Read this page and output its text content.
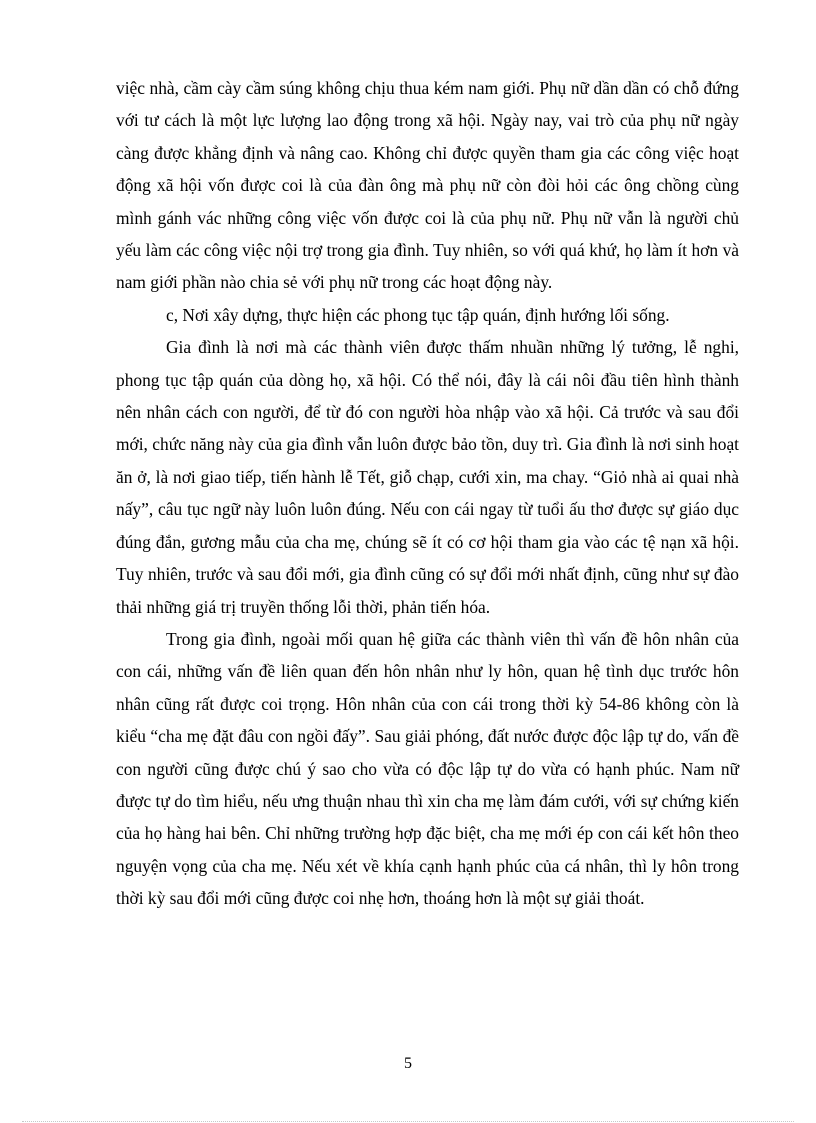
việc nhà, cầm cày cầm súng không chịu thua kém nam giới. Phụ nữ dần dần có chỗ đứng với tư cách là một lực lượng lao động trong xã hội. Ngày nay, vai trò của phụ nữ ngày càng được khẳng định và nâng cao. Không chỉ được quyền tham gia các công việc hoạt động xã hội vốn được coi là của đàn ông mà phụ nữ còn đòi hỏi các ông chồng cùng mình gánh vác những công việc vốn được coi là của phụ nữ. Phụ nữ vẫn là người chủ yếu làm các công việc nội trợ trong gia đình. Tuy nhiên, so với quá khứ, họ làm ít hơn và nam giới phần nào chia sẻ với phụ nữ trong các hoạt động này.

c, Nơi xây dựng, thực hiện các phong tục tập quán, định hướng lối sống.

Gia đình là nơi mà các thành viên được thấm nhuần những lý tưởng, lễ nghi, phong tục tập quán của dòng họ, xã hội. Có thể nói, đây là cái nôi đầu tiên hình thành nên nhân cách con người, để từ đó con người hòa nhập vào xã hội. Cả trước và sau đổi mới, chức năng này của gia đình vẫn luôn được bảo tồn, duy trì. Gia đình là nơi sinh hoạt ăn ở, là nơi giao tiếp, tiến hành lễ Tết, giỗ chạp, cưới xin, ma chay. “Giỏ nhà ai quai nhà nấy”, câu tục ngữ này luôn luôn đúng. Nếu con cái ngay từ tuổi ấu thơ được sự giáo dục đúng đắn, gương mẫu của cha mẹ, chúng sẽ ít có cơ hội tham gia vào các tệ nạn xã hội. Tuy nhiên, trước và sau đổi mới, gia đình cũng có sự đổi mới nhất định, cũng như sự đào thải những giá trị truyền thống lỗi thời, phản tiến hóa.

Trong gia đình, ngoài mối quan hệ giữa các thành viên thì vấn đề hôn nhân của con cái, những vấn đề liên quan đến hôn nhân như ly hôn, quan hệ tình dục trước hôn nhân cũng rất được coi trọng. Hôn nhân của con cái trong thời kỳ 54-86 không còn là kiểu “cha mẹ đặt đâu con ngồi đấy”. Sau giải phóng, đất nước được độc lập tự do, vấn đề con người cũng được chú ý sao cho vừa có độc lập tự do vừa có hạnh phúc. Nam nữ được tự do tìm hiểu, nếu ưng thuận nhau thì xin cha mẹ làm đám cưới, với sự chứng kiến của họ hàng hai bên. Chỉ những trường hợp đặc biệt, cha mẹ mới ép con cái kết hôn theo nguyện vọng của cha mẹ. Nếu xét về khía cạnh hạnh phúc của cá nhân, thì ly hôn trong thời kỳ sau đổi mới cũng được coi nhẹ hơn, thoáng hơn là một sự giải thoát.

5
